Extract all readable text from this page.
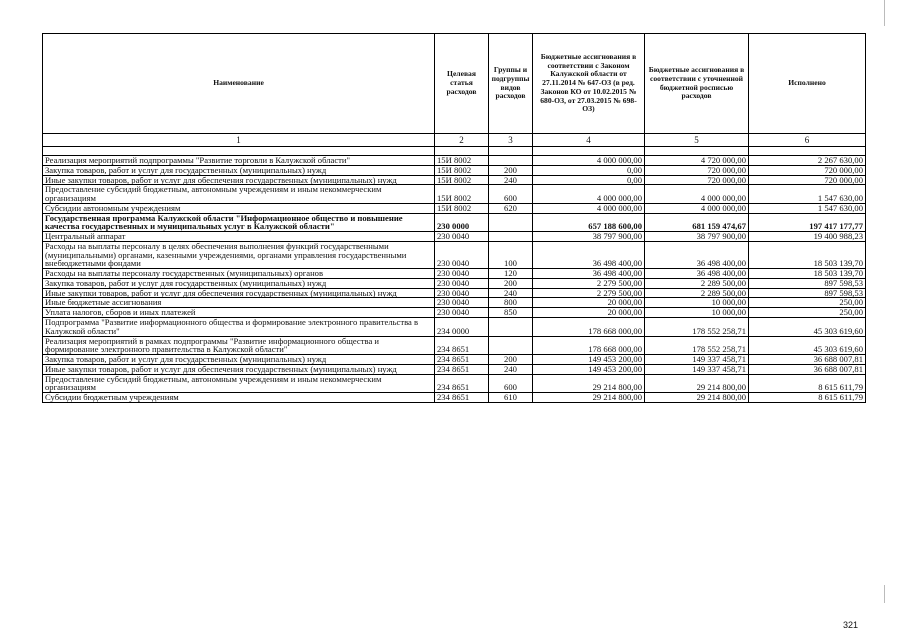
Наименование	Целевая статья расходов	Группы и подгруппы видов расходов	Бюджетные ассигнования в соответствии с Законом Калужской области от 27.11.2014 № 647-ОЗ (в ред. Законов КО от 10.02.2015 № 680-ОЗ, от 27.03.2015 № 698-ОЗ)	Бюджетные ассигнования в соответствии с уточненной бюджетной росписью расходов	Исполнено
1	2	3	4	5	6

Реализация мероприятий подпрограммы "Развитие торговли в Калужской области"	15И 8002		4 000 000,00	4 720 000,00	2 267 630,00
Закупка товаров, работ и услуг для государственных (муниципальных) нужд	15И 8002	200	0,00	720 000,00	720 000,00
Иные закупки товаров, работ и услуг для обеспечения государственных (муниципальных) нужд	15И 8002	240	0,00	720 000,00	720 000,00
Предоставление субсидий бюджетным, автономным учреждениям и иным некоммерческим организациям	15И 8002	600	4 000 000,00	4 000 000,00	1 547 630,00
Субсидии автономным учреждениям	15И 8002	620	4 000 000,00	4 000 000,00	1 547 630,00
Государственная программа Калужской области "Информационное общество и повышение качества государственных и муниципальных услуг в Калужской области"	230 0000		657 188 600,00	681 159 474,67	197 417 177,77
Центральный аппарат	230 0040		38 797 900,00	38 797 900,00	19 400 988,23
Расходы на выплаты персоналу в целях обеспечения выполнения функций государственными (муниципальными) органами, казенными учреждениями, органами управления государственными внебюджетными фондами	230 0040	100	36 498 400,00	36 498 400,00	18 503 139,70
Расходы на выплаты персоналу государственных (муниципальных) органов	230 0040	120	36 498 400,00	36 498 400,00	18 503 139,70
Закупка товаров, работ и услуг для государственных (муниципальных) нужд	230 0040	200	2 279 500,00	2 289 500,00	897 598,53
Иные закупки товаров, работ и услуг для обеспечения государственных (муниципальных) нужд	230 0040	240	2 279 500,00	2 289 500,00	897 598,53
Иные бюджетные ассигнования	230 0040	800	20 000,00	10 000,00	250,00
Уплата налогов, сборов и иных платежей	230 0040	850	20 000,00	10 000,00	250,00
Подпрограмма "Развитие информационного общества и формирование электронного правительства в Калужской области"	234 0000		178 668 000,00	178 552 258,71	45 303 619,60
Реализация мероприятий в рамках подпрограммы "Развитие информационного общества и формирование электронного правительства в Калужской области"	234 8651		178 668 000,00	178 552 258,71	45 303 619,60
Закупка товаров, работ и услуг для государственных (муниципальных) нужд	234 8651	200	149 453 200,00	149 337 458,71	36 688 007,81
Иные закупки товаров, работ и услуг для обеспечения государственных (муниципальных) нужд	234 8651	240	149 453 200,00	149 337 458,71	36 688 007,81
Предоставление субсидий бюджетным, автономным учреждениям и иным некоммерческим организациям	234 8651	600	29 214 800,00	29 214 800,00	8 615 611,79
Субсидии бюджетным учреждениям	234 8651	610	29 214 800,00	29 214 800,00	8 615 611,79
321
